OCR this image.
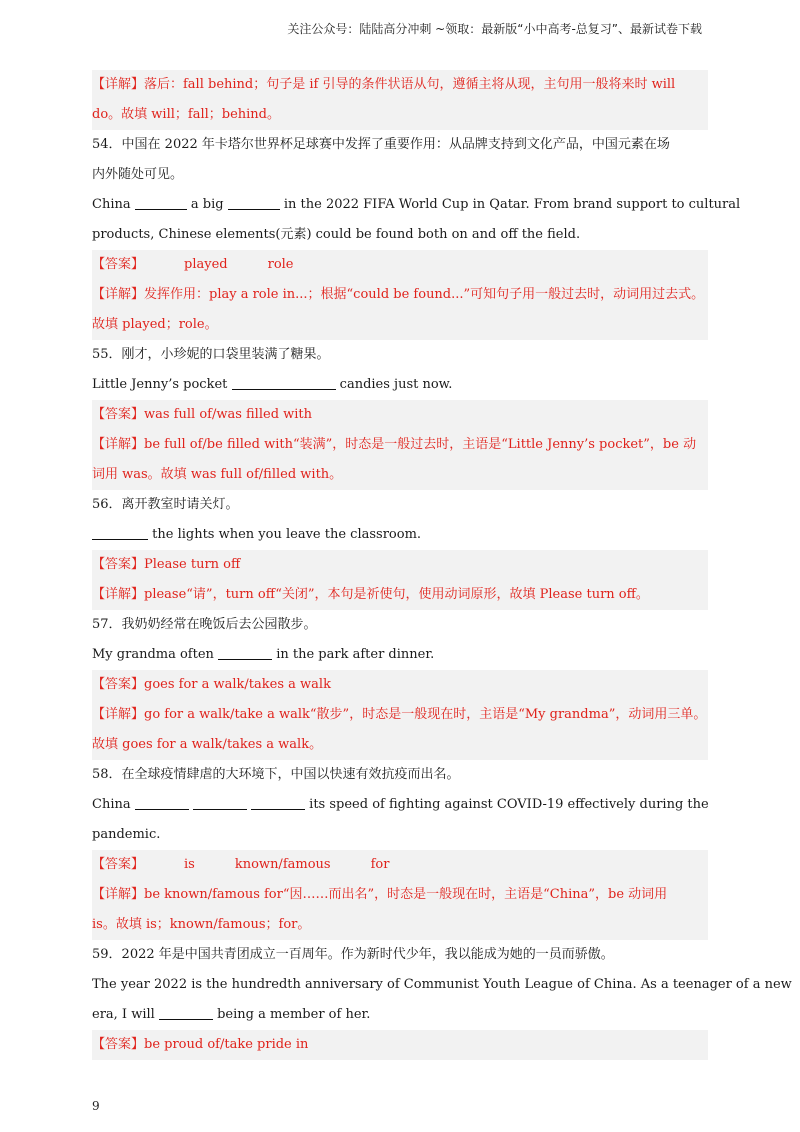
关注公众号：陆陆高分冲刺 ~领取：最新版“小中高考-总复习”、最新试卷下载
【详解】落后：fall behind；句子是 if 引导的条件状语从句，遵循主将从现，主句用一般将来时 will
do。故填 will；fall；behind。
54．中国在 2022 年卡塔尔世界杯足球赛中发挥了重要作用：从品牌支持到文化产品，中国元素在场
内外随处可见。
China	a big	in the 2022 FIFA World Cup in Qatar. From brand support to cultural
products, Chinese elements(元素) could be found both on and off the field.
【答案】	played	role
【详解】发挥作用：play a role in...；根据“could be found...”可知句子用一般过去时，动词用过去式。
故填 played；role。
55．刚才，小珍妮的口袋里装满了糖果。
Little Jenny’s pocket	candies just now.
【答案】was full of/was filled with
【详解】be full of/be filled with“装满”，时态是一般过去时，主语是“Little Jenny’s pocket”，be 动
词用 was。故填 was full of/filled with。
56．离开教室时请关灯。
the lights when you leave the classroom.
【答案】Please turn off
【详解】please“请”，turn off“关闭”，本句是祈使句，使用动词原形，故填 Please turn off。
57．我奶奶经常在晚饭后去公园散步。
My grandma often	in the park after dinner.
【答案】goes for a walk/takes a walk
【详解】go for a walk/take a walk“散步”，时态是一般现在时，主语是“My grandma”，动词用三单。
故填 goes for a walk/takes a walk。
58．在全球疫情肆虐的大环境下，中国以快速有效抗疫而出名。
China	its speed of fighting against COVID-19 effectively during the
pandemic.
【答案】	is	known/famous	for
【详解】be known/famous for“因……而出名”，时态是一般现在时，主语是“China”，be 动词用
is。故填 is；known/famous；for。
59．2022 年是中国共青团成立一百周年。作为新时代少年，我以能成为她的一员而骄傲。
The year 2022 is the hundredth anniversary of Communist Youth League of China. As a teenager of a new
era, I will	being a member of her.
【答案】be proud of/take pride in
9
